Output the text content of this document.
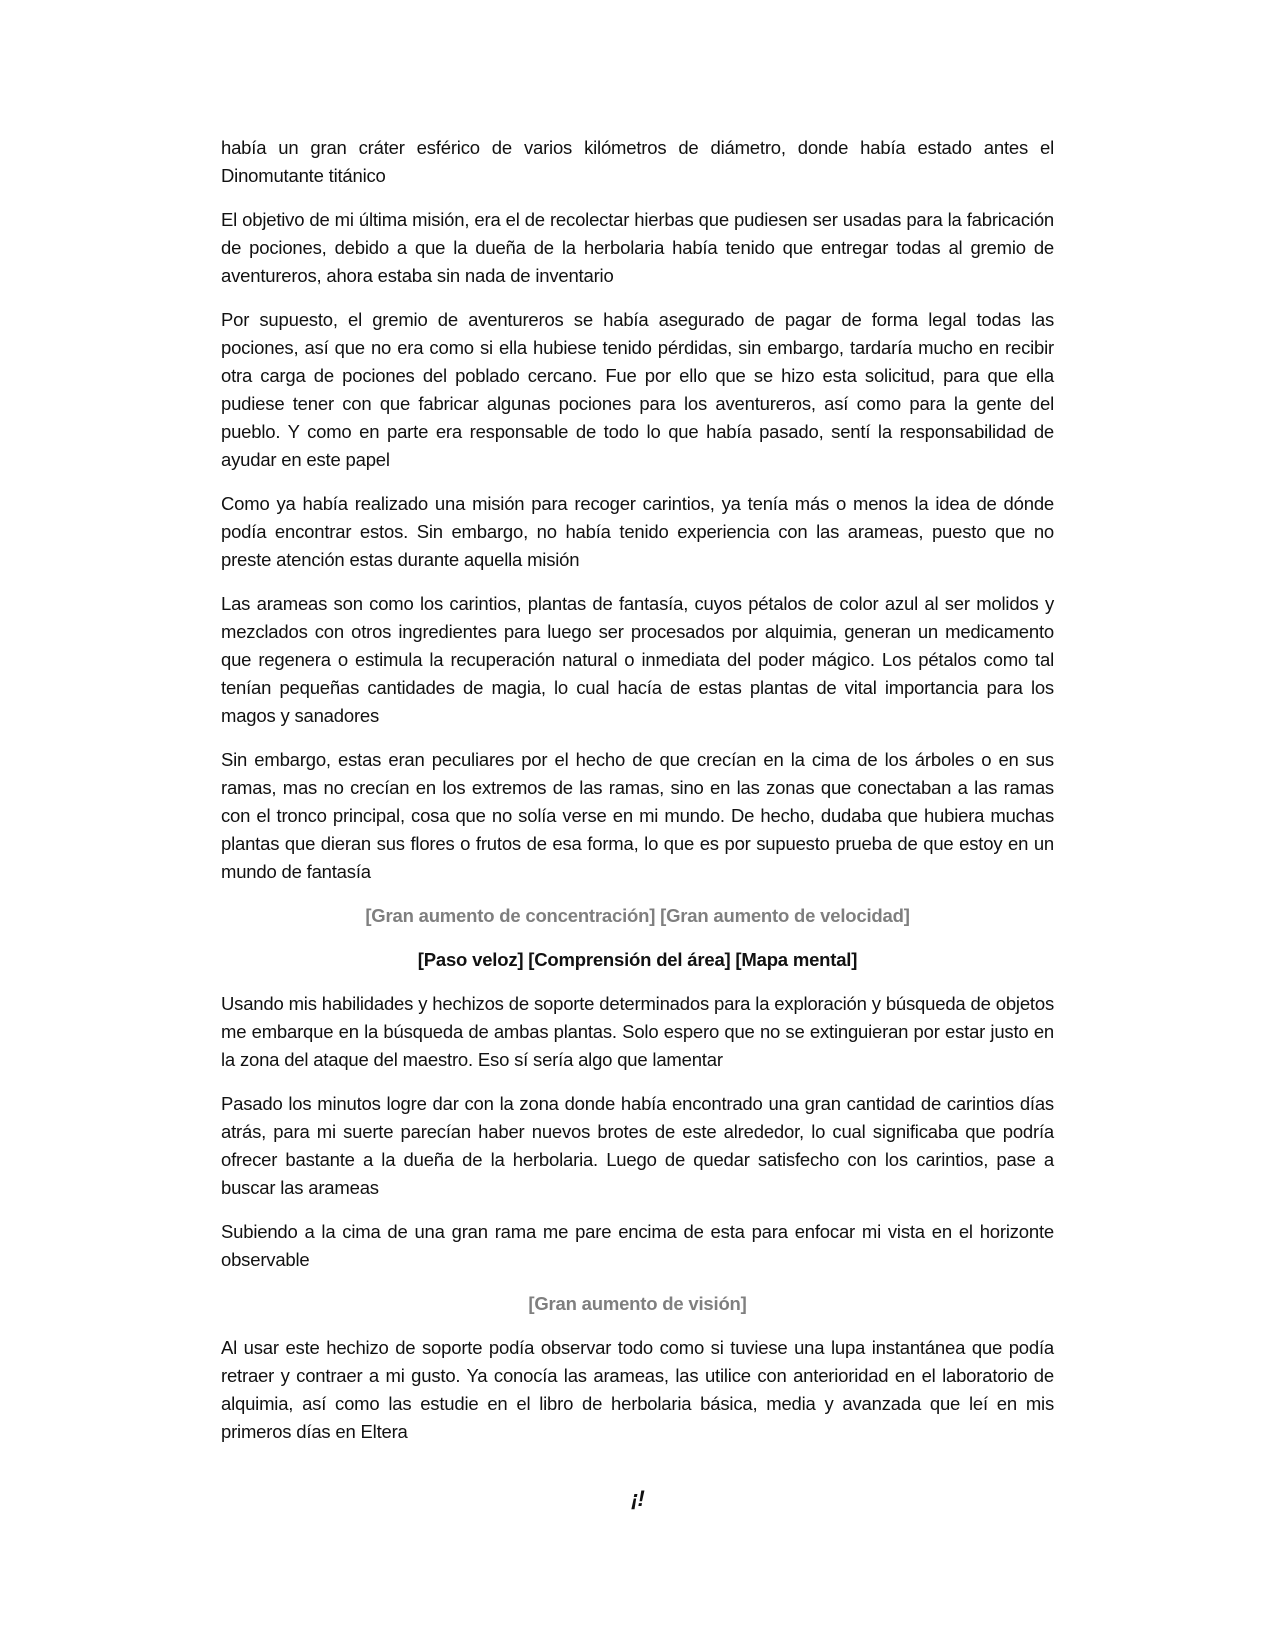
había un gran cráter esférico de varios kilómetros de diámetro, donde había estado antes el Dinomutante titánico

El objetivo de mi última misión, era el de recolectar hierbas que pudiesen ser usadas para la fabricación de pociones, debido a que la dueña de la herbolaria había tenido que entregar todas al gremio de aventureros, ahora estaba sin nada de inventario

Por supuesto, el gremio de aventureros se había asegurado de pagar de forma legal todas las pociones, así que no era como si ella hubiese tenido pérdidas, sin embargo, tardaría mucho en recibir otra carga de pociones del poblado cercano. Fue por ello que se hizo esta solicitud, para que ella pudiese tener con que fabricar algunas pociones para los aventureros, así como para la gente del pueblo. Y como en parte era responsable de todo lo que había pasado, sentí la responsabilidad de ayudar en este papel

Como ya había realizado una misión para recoger carintios, ya tenía más o menos la idea de dónde podía encontrar estos. Sin embargo, no había tenido experiencia con las arameas, puesto que no preste atención estas durante aquella misión

Las arameas son como los carintios, plantas de fantasía, cuyos pétalos de color azul al ser molidos y mezclados con otros ingredientes para luego ser procesados por alquimia, generan un medicamento que regenera o estimula la recuperación natural o inmediata del poder mágico. Los pétalos como tal tenían pequeñas cantidades de magia, lo cual hacía de estas plantas de vital importancia para los magos y sanadores

Sin embargo, estas eran peculiares por el hecho de que crecían en la cima de los árboles o en sus ramas, mas no crecían en los extremos de las ramas, sino en las zonas que conectaban a las ramas con el tronco principal, cosa que no solía verse en mi mundo. De hecho, dudaba que hubiera muchas plantas que dieran sus flores o frutos de esa forma, lo que es por supuesto prueba de que estoy en un mundo de fantasía

[Gran aumento de concentración] [Gran aumento de velocidad]

[Paso veloz] [Comprensión del área] [Mapa mental]

Usando mis habilidades y hechizos de soporte determinados para la exploración y búsqueda de objetos me embarque en la búsqueda de ambas plantas. Solo espero que no se extinguieran por estar justo en la zona del ataque del maestro. Eso sí sería algo que lamentar

Pasado los minutos logre dar con la zona donde había encontrado una gran cantidad de carintios días atrás, para mi suerte parecían haber nuevos brotes de este alrededor, lo cual significaba que podría ofrecer bastante a la dueña de la herbolaria. Luego de quedar satisfecho con los carintios, pase a buscar las arameas

Subiendo a la cima de una gran rama me pare encima de esta para enfocar mi vista en el horizonte observable

[Gran aumento de visión]

Al usar este hechizo de soporte podía observar todo como si tuviese una lupa instantánea que podía retraer y contraer a mi gusto. Ya conocía las arameas, las utilice con anterioridad en el laboratorio de alquimia, así como las estudie en el libro de herbolaria básica, media y avanzada que leí en mis primeros días en Eltera

¡!
